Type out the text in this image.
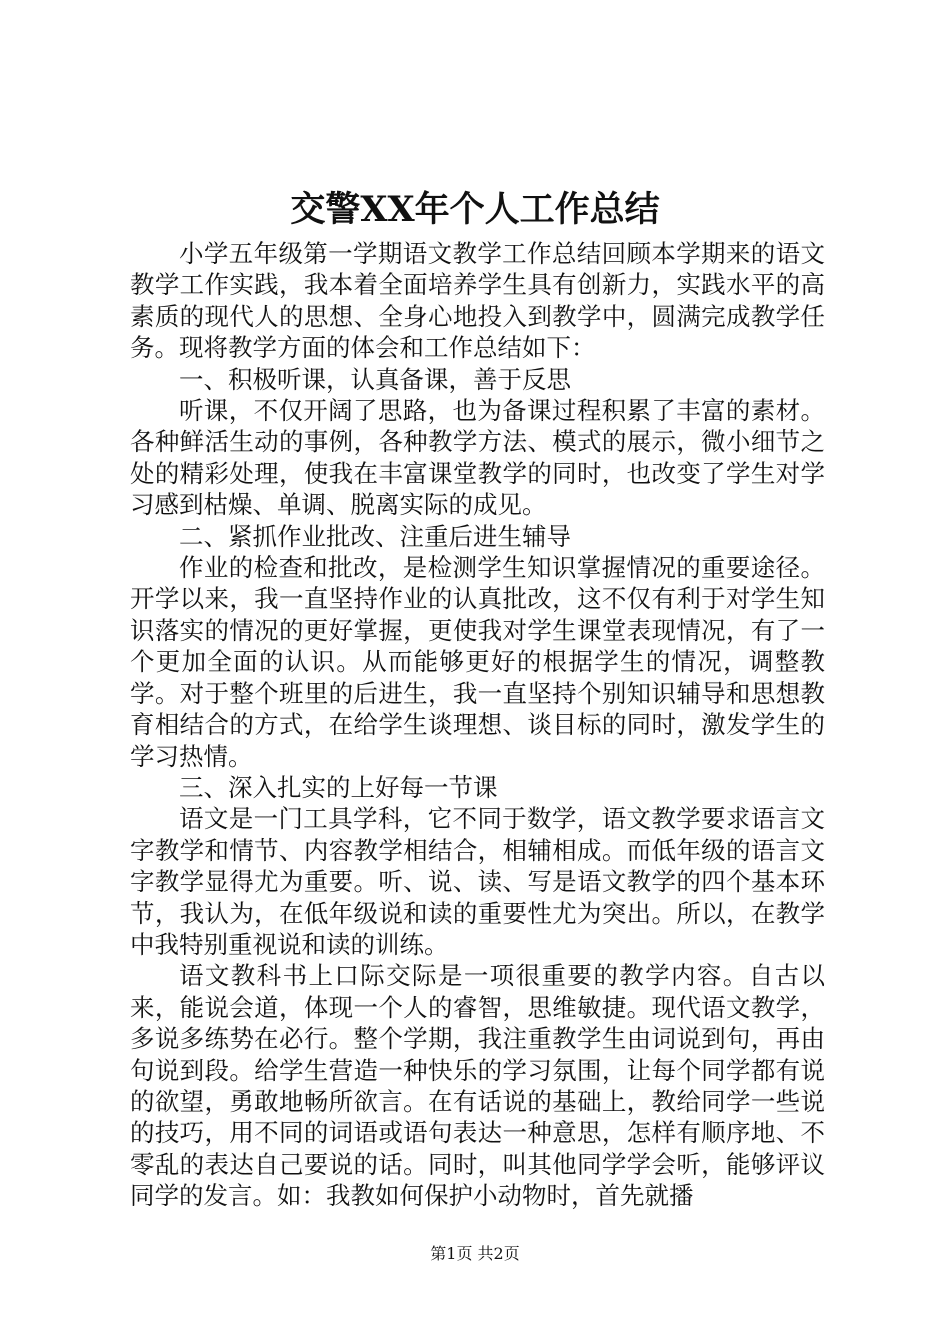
交警XX年个人工作总结

小学五年级第一学期语文教学工作总结回顾本学期来的语文教学工作实践，我本着全面培养学生具有创新力，实践水平的高素质的现代人的思想、全身心地投入到教学中，圆满完成教学任务。现将教学方面的体会和工作总结如下：

一、积极听课，认真备课，善于反思

听课，不仅开阔了思路，也为备课过程积累了丰富的素材。各种鲜活生动的事例，各种教学方法、模式的展示，微小细节之处的精彩处理，使我在丰富课堂教学的同时，也改变了学生对学习感到枯燥、单调、脱离实际的成见。

二、紧抓作业批改、注重后进生辅导

作业的检查和批改，是检测学生知识掌握情况的重要途径。开学以来，我一直坚持作业的认真批改，这不仅有利于对学生知识落实的情况的更好掌握，更使我对学生课堂表现情况，有了一个更加全面的认识。从而能够更好的根据学生的情况，调整教学。对于整个班里的后进生，我一直坚持个别知识辅导和思想教育相结合的方式，在给学生谈理想、谈目标的同时，激发学生的学习热情。

三、深入扎实的上好每一节课

语文是一门工具学科，它不同于数学，语文教学要求语言文字教学和情节、内容教学相结合，相辅相成。而低年级的语言文字教学显得尤为重要。听、说、读、写是语文教学的四个基本环节，我认为，在低年级说和读的重要性尤为突出。所以，在教学中我特别重视说和读的训练。

语文教科书上口际交际是一项很重要的教学内容。自古以来，能说会道，体现一个人的睿智，思维敏捷。现代语文教学，多说多练势在必行。整个学期，我注重教学生由词说到句，再由句说到段。给学生营造一种快乐的学习氛围，让每个同学都有说的欲望，勇敢地畅所欲言。在有话说的基础上，教给同学一些说的技巧，用不同的词语或语句表达一种意思，怎样有顺序地、不零乱的表达自己要说的话。同时，叫其他同学学会听，能够评议同学的发言。如：我教如何保护小动物时，首先就播

第1页 共2页
